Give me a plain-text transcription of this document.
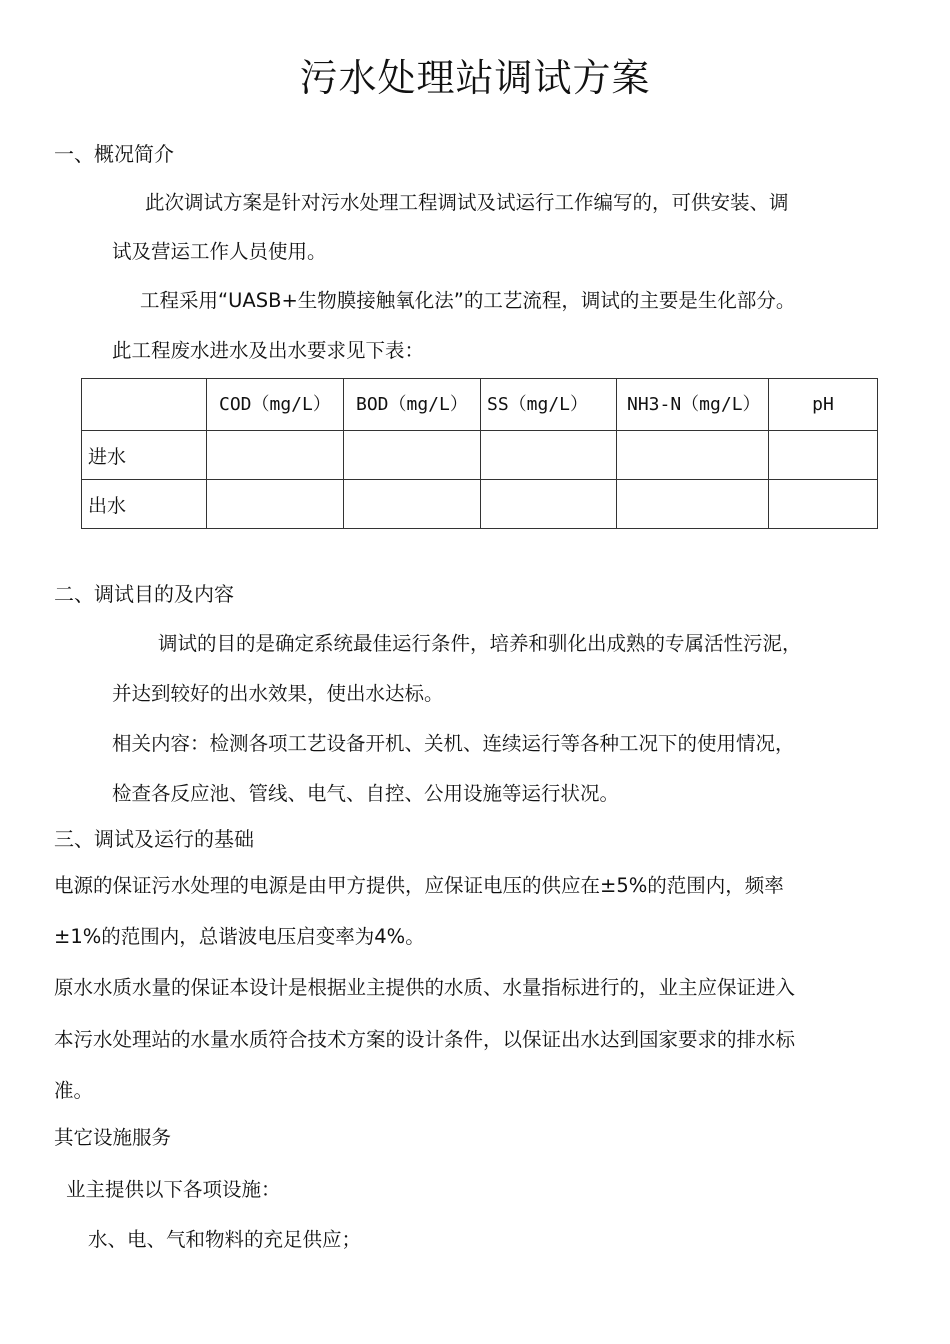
污水处理站调试方案
一、概况简介
此次调试方案是针对污水处理工程调试及试运行工作编写的，可供安装、调
试及营运工作人员使用。
工程采用“UASB+生物膜接触氧化法”的工艺流程，调试的主要是生化部分。
此工程废水进水及出水要求见下表：
	COD（mg/L）	BOD（mg/L）	SS（mg/L）	NH3-N（mg/L）	pH
进水					
出水					
二、调试目的及内容
调试的目的是确定系统最佳运行条件，培养和驯化出成熟的专属活性污泥，
并达到较好的出水效果，使出水达标。
相关内容：检测各项工艺设备开机、关机、连续运行等各种工况下的使用情况，
检查各反应池、管线、电气、自控、公用设施等运行状况。
三、调试及运行的基础
电源的保证污水处理的电源是由甲方提供，应保证电压的供应在±5%的范围内，频率
±1%的范围内，总谐波电压启变率为4%。
原水水质水量的保证本设计是根据业主提供的水质、水量指标进行的，业主应保证进入
本污水处理站的水量水质符合技术方案的设计条件，以保证出水达到国家要求的排水标
准。
其它设施服务
业主提供以下各项设施：
水、电、气和物料的充足供应；
